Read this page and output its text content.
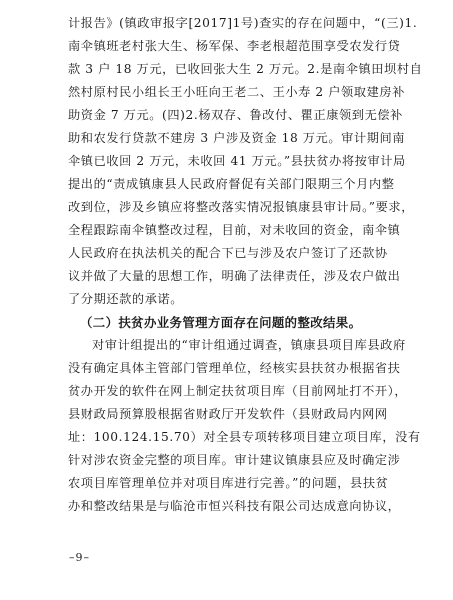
计报告》(镇政审报字[2017]1号)查实的存在问题中，“(三)1.
南伞镇班老村张大生、杨军保、李老根超范围享受农发行贷
款 3 户 18 万元，已收回张大生 2 万元。2.是南伞镇田坝村自
然村原村民小组长王小旺向王老二、王小寿 2 户领取建房补
助资金 7 万元。(四)2.杨双存、鲁改付、瞿正康领到无偿补
助和农发行贷款不建房 3 户涉及资金 18 万元。审计期间南
伞镇已收回 2 万元，未收回 41 万元。”县扶贫办将按审计局
提出的“责成镇康县人民政府督促有关部门限期三个月内整
改到位，涉及乡镇应将整改落实情况报镇康县审计局。”要求，
全程跟踪南伞镇整改过程，目前，对未收回的资金，南伞镇
人民政府在执法机关的配合下已与涉及农户签订了还款协
议并做了大量的思想工作，明确了法律责任，涉及农户做出
了分期还款的承诺。
（二）扶贫办业务管理方面存在问题的整改结果。
对审计组提出的“审计组通过调查，镇康县项目库县政府
没有确定具体主管部门管理单位，经核实县扶贫办根据省扶
贫办开发的软件在网上制定扶贫项目库（目前网址打不开），
县财政局预算股根据省财政厅开发软件（县财政局内网网
址：100.124.15.70）对全县专项转移项目建立项目库，没有
针对涉农资金完整的项目库。审计建议镇康县应及时确定涉
农项目库管理单位并对项目库进行完善。”的问题，县扶贫
办和整改结果是与临沧市恒兴科技有限公司达成意向协议，
–9–
